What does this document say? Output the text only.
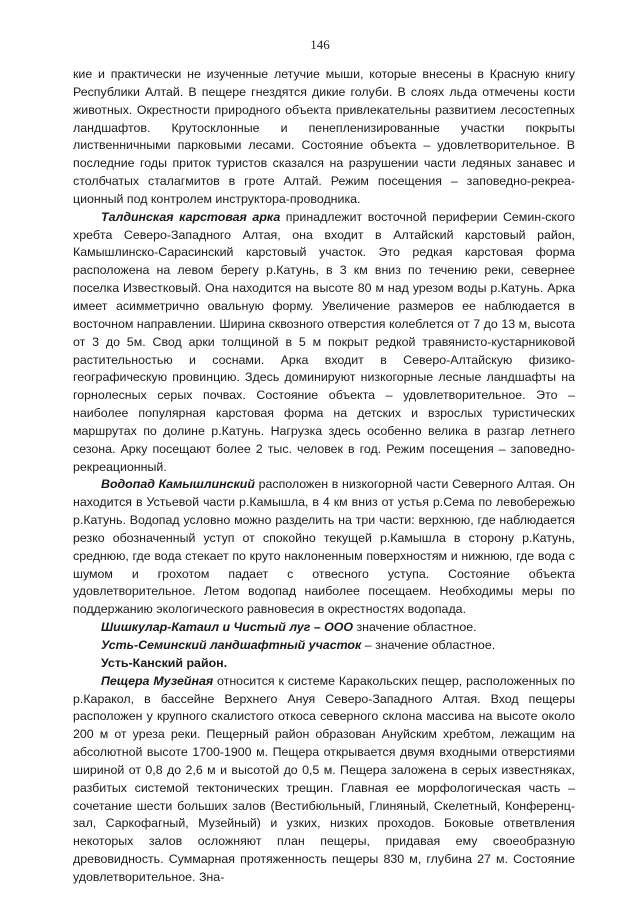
146

кие и практически не изученные летучие мыши, которые внесены в Красную книгу Республики Алтай. В пещере гнездятся дикие голуби. В слоях льда отмечены кости животных. Окрестности природного объекта привлекательны развитием лесостепных ландшафтов. Крутосклонные и пенепленизированные участки покрыты лиственничными парковыми лесами. Состояние объекта – удовлетворительное. В последние годы приток туристов сказался на разрушении части ледяных занавес и столбчатых сталагмитов в гроте Алтай. Режим посещения – заповедно-рекреа-ционный под контролем инструктора-проводника.

Талдинская карстовая арка принадлежит восточной периферии Семин-ского хребта Северо-Западного Алтая, она входит в Алтайский карстовый район, Камышлинско-Сарасинский карстовый участок. Это редкая карстовая форма расположена на левом берегу р.Катунь, в 3 км вниз по течению реки, севернее поселка Известковый. Она находится на высоте 80 м над урезом воды р.Катунь. Арка имеет асимметрично овальную форму. Увеличение размеров ее наблюдается в восточном направлении. Ширина сквозного отверстия колеблется от 7 до 13 м, высота от 3 до 5м. Свод арки толщиной в 5 м покрыт редкой травянисто-кустарниковой растительностью и соснами. Арка входит в Северо-Алтайскую физико-географическую провинцию. Здесь доминируют низкогорные лесные ландшафты на горнолесных серых почвах. Состояние объекта – удовлетворительное. Это – наиболее популярная карстовая форма на детских и взрослых туристических маршрутах по долине р.Катунь. Нагрузка здесь особенно велика в разгар летнего сезона. Арку посещают более 2 тыс. человек в год. Режим посещения – заповедно-рекреационный.

Водопад Камышлинский расположен в низкогорной части Северного Алтая. Он находится в Устьевой части р.Камышла, в 4 км вниз от устья р.Сема по левобережью р.Катунь. Водопад условно можно разделить на три части: верхнюю, где наблюдается резко обозначенный уступ от спокойно текущей р.Камышла в сторону р.Катунь, среднюю, где вода стекает по круто наклоненным поверхностям и нижнюю, где вода с шумом и грохотом падает с отвесного уступа. Состояние объекта удовлетворительное. Летом водопад наиболее посещаем. Необходимы меры по поддержанию экологического равновесия в окрестностях водопада.

Шишкулар-Катаил и Чистый луг – ООО значение областное.

Усть-Семинский ландшафтный участок – значение областное.

Усть-Канский район.

Пещера Музейная относится к системе Каракольских пещер, расположенных по р.Каракол, в бассейне Верхнего Ануя Северо-Западного Алтая. Вход пещеры расположен у крупного скалистого откоса северного склона массива на высоте около 200 м от уреза реки. Пещерный район образован Ануйским хребтом, лежащим на абсолютной высоте 1700-1900 м. Пещера открывается двумя входными отверстиями шириной от 0,8 до 2,6 м и высотой до 0,5 м. Пещера заложена в серых известняках, разбитых системой тектонических трещин. Главная ее морфологическая часть – сочетание шести больших залов (Вестибюльный, Глиняный, Скелетный, Конференц-зал, Саркофагный, Музейный) и узких, низких проходов. Боковые ответвления некоторых залов осложняют план пещеры, придавая ему своеобразную древовидность. Суммарная протяженность пещеры 830 м, глубина 27 м. Состояние удовлетворительное. Зна-
